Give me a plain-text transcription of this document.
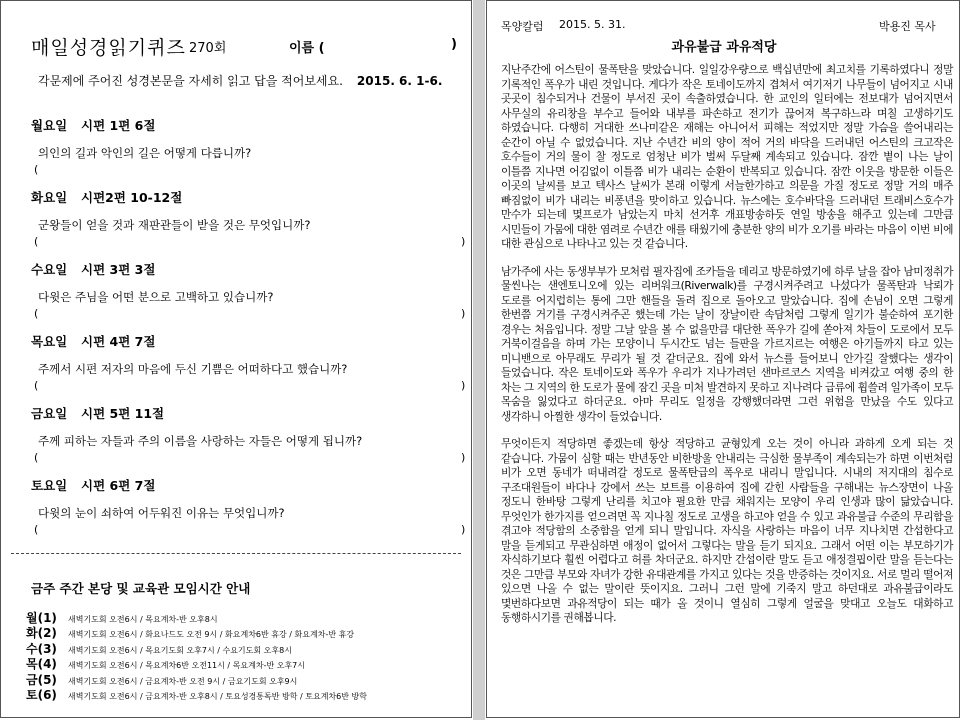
매일성경읽기퀴즈 270회	이름 (	)
각문제에 주어진 성경본문을 자세히 읽고 답을 적어보세요. 2015. 6. 1-6.
월요일 시편 1편 6절
의인의 길과 악인의 길은 어떻게 다릅니까?
(
화요일 시편2편 10-12절
군왕들이 얻을 것과 재판관들이 받을 것은 무엇입니까?
(	)
수요일 시편 3편 3절
다윗은 주님을 어떤 분으로 고백하고 있습니까?
(	)
목요일 시편 4편 7절
주께서 시편 저자의 마음에 두신 기쁨은 어떠하다고 했습니까?
(	)
금요일 시편 5편 11절
주께 피하는 자들과 주의 이름을 사랑하는 자들은 어떻게 됩니까?
(	)
토요일 시편 6편 7절
다윗의 눈이 쇠하여 어두워진 이유는 무엇입니까?
(	)
금주 주간 본당 및 교육관 모임시간 안내
월(1) 새벽기도회 오전6시 / 목요계차-반 오후8시
화(2) 새벽기도회 오전6시 / 화요나드도 오전 9시 / 화요계차6반 휴강 / 화요계차-반 휴강
수(3) 새벽기도회 오전6시 / 목요기도회 오후7시 / 수요기도회 오후8시
목(4) 새벽기도회 오전6시 / 목요계차6반 오전11시 / 목요계차-반 오후7시
금(5) 새벽기도회 오전6시 / 금요계차-반 오전 9시 / 금요기도회 오후9시
토(6) 새벽기도회 오전6시 / 금요계차-반 오후8시 / 토요성경통독반 방학 / 토요계차6반 방학
목양칼럼 2015. 5. 31.	박용진 목사
과유불급 과유적당

지난주간에 어스틴이 물폭탄을 맞았습니다. 일일강우량으로 백십년만에 최고치를 기록하였다니 정말 기록적인 폭우가 내린 것입니다. 게다가 작은 토네이도까지 겹쳐서 여기저기 나무들이 넘어지고 시내 곳곳이 침수되거나 건물이 부서진 곳이 속출하였습니다. 한 교인의 일터에는 전보대가 넘어지면서 사무실의 유리창을 부수고 들어와 내부를 파손하고 전기가 끊어져 복구하느라 며칠 고생하기도 하였습니다. 다행히 거대한 쓰나미같은 재해는 아니어서 피해는 적었지만 정말 가슴을 쓸어내리는 순간이 아닐 수 없었습니다. 지난 수년간 비의 양이 적어 거의 바닥을 드러내던 어스틴의 크고작은 호수들이 거의 물이 찰 정도로 엄청난 비가 벌써 두달째 계속되고 있습니다. 잠깐 볕이 나는 날이 이틀쯤 지나면 어김없이 이틀쯤 비가 내리는 순환이 반복되고 있습니다. 잠깐 이웃을 방문한 이들은 이곳의 날씨를 보고 텍사스 날씨가 본래 이렇게 서늘한가하고 의문을 가질 정도로 정말 거의 매주 빠짐없이 비가 내리는 비퐁년을 맞이하고 있습니다. 뉴스에는 호수바닥을 드러내던 트래비스호수가 만수가 되는데 몇프로가 남았는지 마치 선거후 개표방송하듯 연일 방송을 해주고 있는데 그만큼 시민들이 가뭄에 대한 염려로 수년간 애를 태웠기에 충분한 양의 비가 오기를 바라는 마음이 이번 비에 대한 관심으로 나타나고 있는 것 같습니다.

남가주에 사는 동생부부가 모처럼 필자집에 조카들을 데리고 방문하였기에 하루 날을 잡아 남미정취가 물씬나는 샌엔토니오에 있는 리버워크(Riverwalk)를 구경시켜주려고 나섰다가 물폭탄과 낙뢰가 도로를 어지럽히는 통에 그만 핸들을 돌려 집으로 돌아오고 말았습니다. 집에 손님이 오면 그렇게 한번쯤 거기를 구경시켜주곤 했는데 가는 날이 장날이란 속담처럼 그렇게 일기가 불순하여 포기한 경우는 처음입니다. 정말 그날 앞을 볼 수 없을만큼 대단한 폭우가 길에 쏟아져 차들이 도로에서 모두 거북이걸음을 하며 가는 모양이니 두시간도 넘는 들판을 가르지르는 여행은 아기들까지 타고 있는 미니밴으로 아무래도 무리가 될 것 같더군요. 집에 와서 뉴스를 들어보니 안가길 잘했다는 생각이 들었습니다. 작은 토네이도와 폭우가 우리가 지나가려던 샌마르코스 지역을 비켜갔고 여행 중의 한 차는 그 지역의 한 도로가 물에 잠긴 곳을 미처 발견하지 못하고 지나려다 급류에 휩쓸려 일가족이 모두 목숨을 잃었다고 하더군요. 아마 무리도 일정을 강행했더라면 그런 위험을 만났을 수도 있다고 생각하니 아찔한 생각이 들었습니다.

무엇이든지 적당하면 좋겠는데 항상 적당하고 균형있게 오는 것이 아니라 과하게 오게 되는 것 같습니다. 가뭄이 심할 때는 반년동안 비한방울 안내리는 극심한 물부족이 계속되는가 하면 이번처럼 비가 오면 동네가 떠내려갈 정도로 물폭탄급의 폭우로 내리니 말입니다. 시내의 저지대의 침수로 구조대원들이 바다나 강에서 쓰는 보트를 이용하여 집에 갇힌 사람들을 구해내는 뉴스장면이 나올 정도니 한바탕 그렇게 난리를 치고야 필요한 만큼 채워지는 모양이 우리 인생과 많이 닮았습니다. 무엇인가 한가지를 얻으려면 꼭 지나칠 정도로 고생을 하고야 얻을 수 있고 과유불급 수준의 무리함을 겪고야 적당함의 소중함을 얻게 되니 말입니다. 자식을 사랑하는 마음이 너무 지나치면 간섭한다고 말을 듣게되고 무관심하면 애정이 없어서 그렇다는 말을 듣기 되지요. 그래서 어떤 이는 부모하기가 자식하기보다 훨씬 어렵다고 허를 차더군요. 하지만 간섭이란 말도 듣고 애정결핍이란 말을 듣는다는 것은 그만큼 부모와 자녀가 강한 유대관계를 가지고 있다는 것을 반증하는 것이지요. 서로 멀리 떨어져 있으면 나올 수 없는 말이란 뜻이지요. 그러니 그런 말에 기죽지 말고 하던대로 과유불급이라도 몇번하다보면 과유적당이 되는 때가 올 것이니 열심히 그렇게 얼굴을 맞대고 오늘도 대화하고 동행하시기를 권해봅니다.
